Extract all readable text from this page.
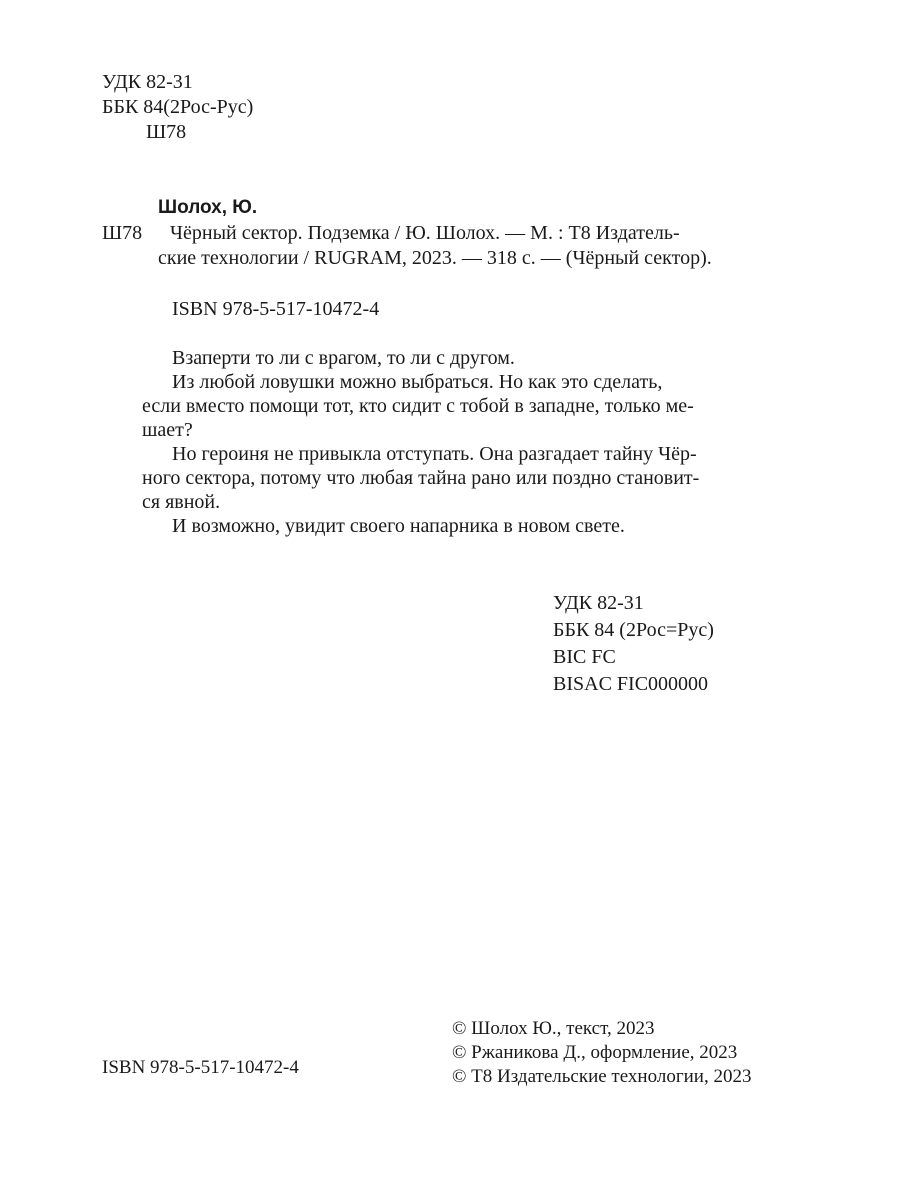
УДК 82-31
ББК 84(2Рос-Рус)
Ш78
Шолох, Ю.
Ш78 Чёрный сектор. Подземка / Ю. Шолох. — М. : Т8 Издатель-
ские технологии / RUGRAM, 2023. — 318 с. — (Чёрный сектор).
ISBN 978-5-517-10472-4
Взаперти то ли с врагом, то ли с другом.
Из любой ловушки можно выбраться. Но как это сделать,
если вместо помощи тот, кто сидит с тобой в западне, только ме-
шает?
Но героиня не привыкла отступать. Она разгадает тайну Чёр-
ного сектора, потому что любая тайна рано или поздно становит-
ся явной.
И возможно, увидит своего напарника в новом свете.
УДК 82-31
ББК 84 (2Рос=Рус)
BIC FC
BISAC FIC000000
ISBN 978-5-517-10472-4
© Шолох Ю., текст, 2023
© Ржаникова Д., оформление, 2023
© Т8 Издательские технологии, 2023
